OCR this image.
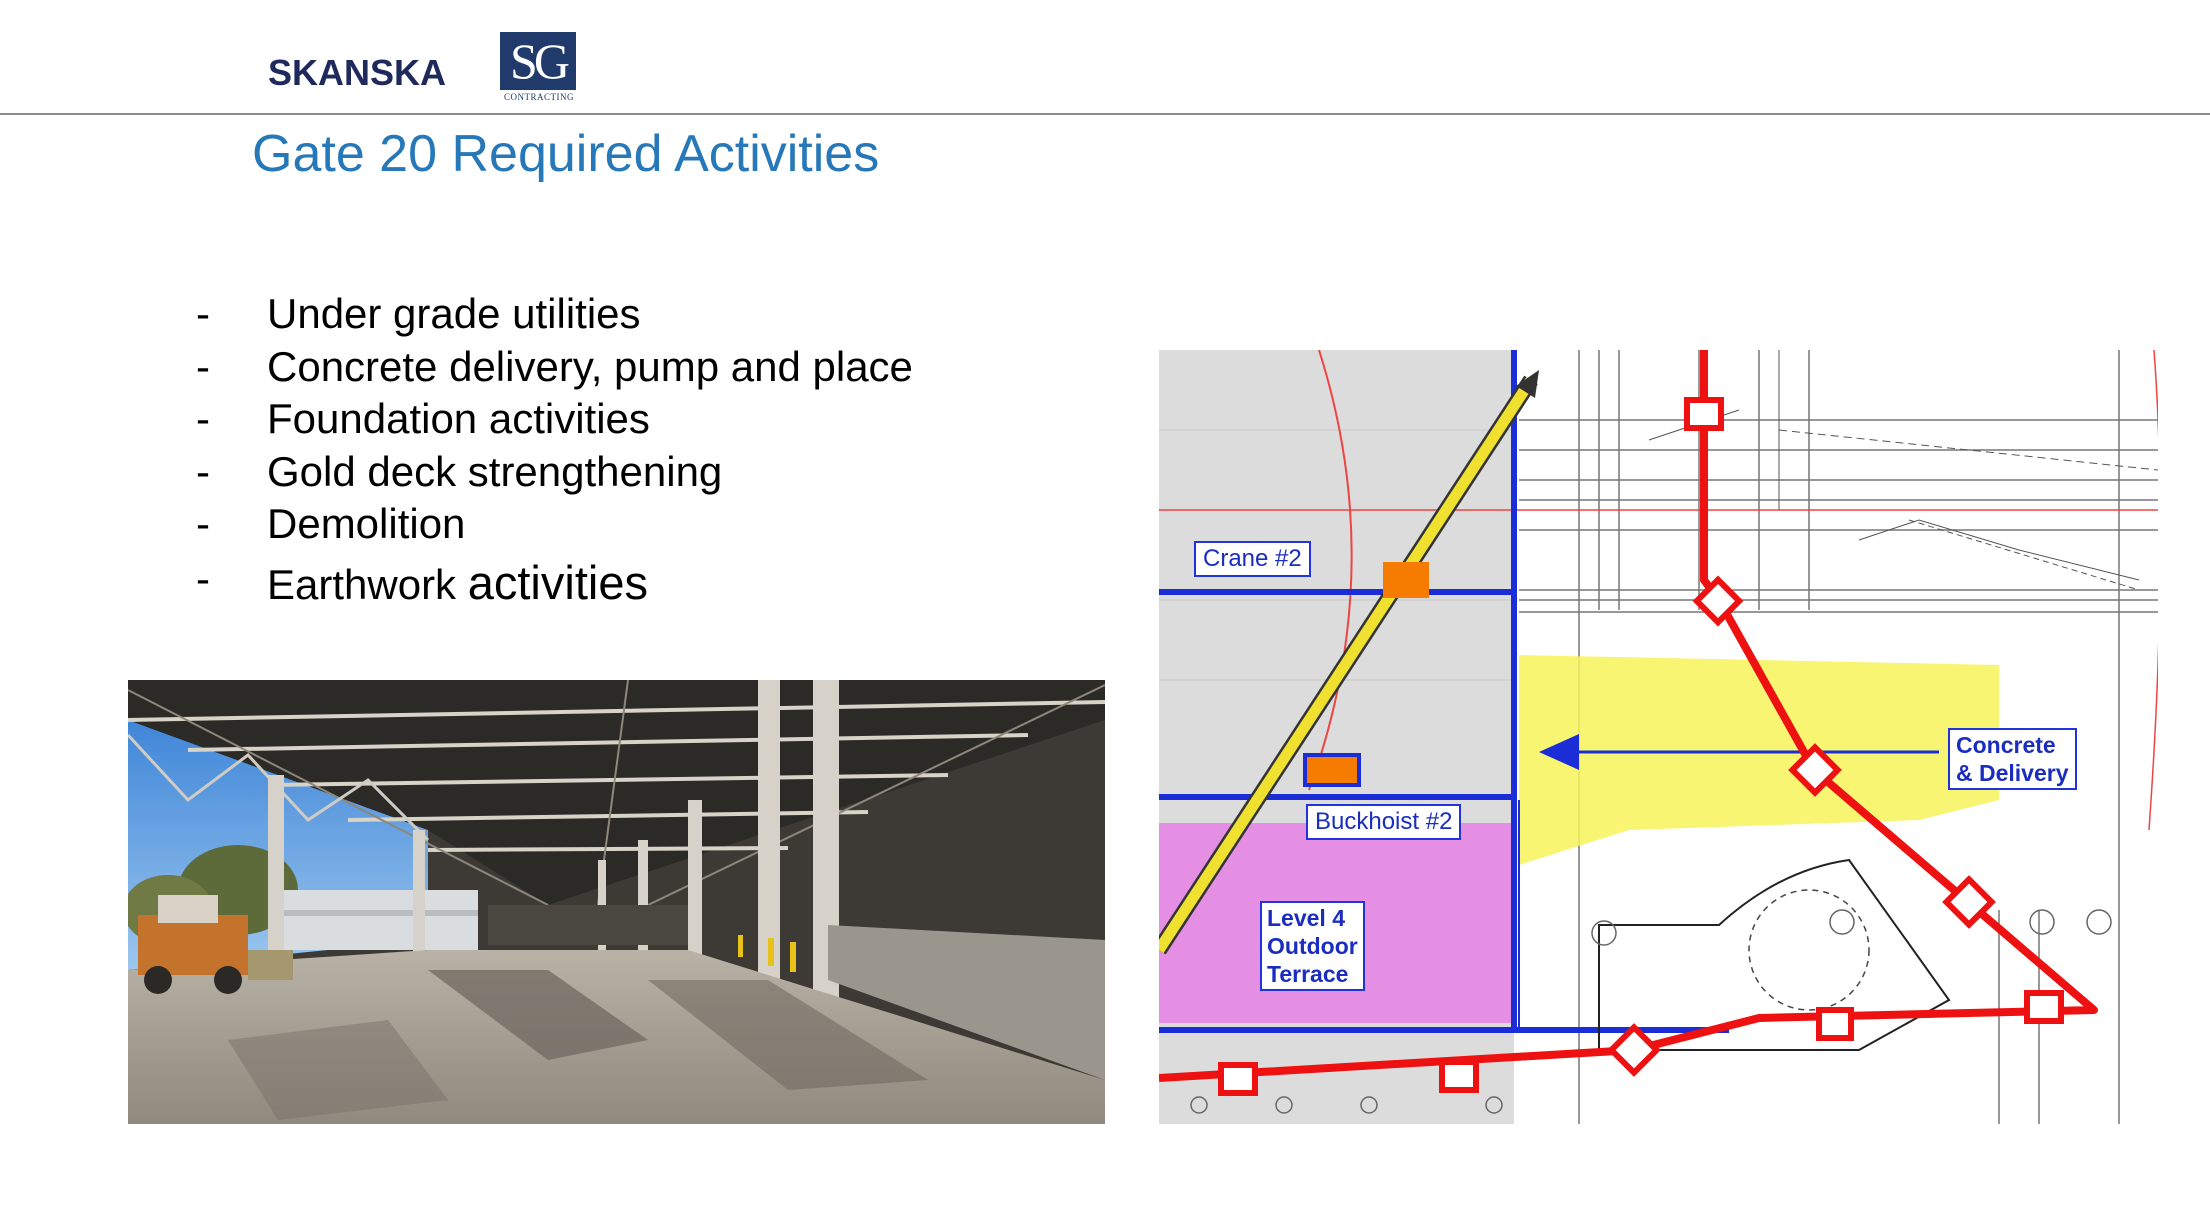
SKANSKA SG
CONTRACTING
Gate 20 Required Activities
- Under grade utilities
- Concrete delivery, pump and place
- Foundation activities
- Gold deck strengthening
- Demolition
- Earthwork activities	Crane #2
Buckhoist #2
Concrete
& Delivery
Level 4
Outdoor
Terrace
